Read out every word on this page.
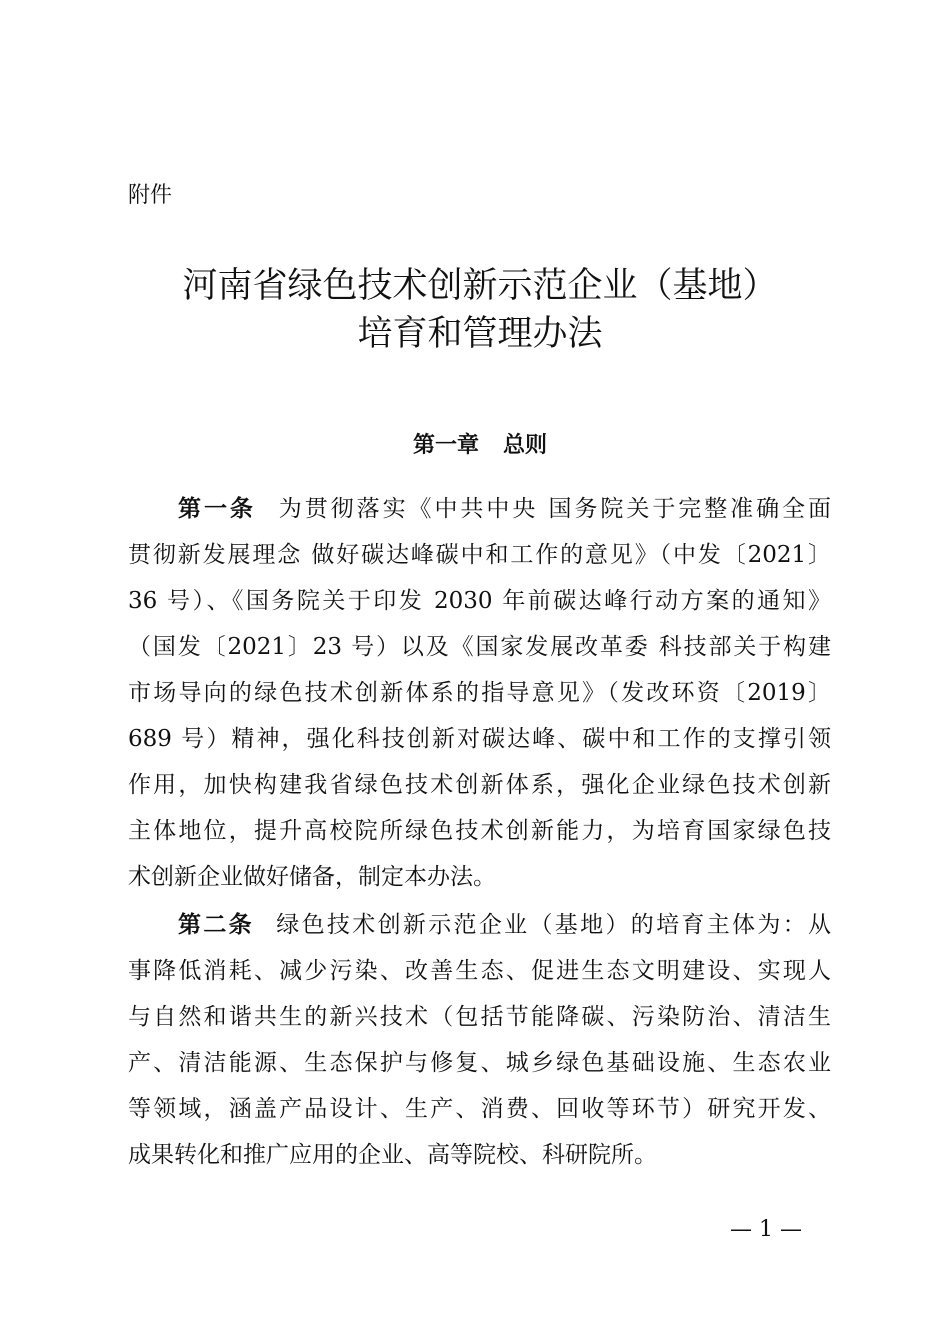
附件

河南省绿色技术创新示范企业（基地）
培育和管理办法
第一章 总则

第一条 为贯彻落实《中共中央 国务院关于完整准确全面

贯彻新发展理念 做好碳达峰碳中和工作的意见》（中发〔2021〕

36 号）、《国务院关于印发 2030 年前碳达峰行动方案的通知》

（国发〔2021〕23 号）以及《国家发展改革委 科技部关于构建

市场导向的绿色技术创新体系的指导意见》（发改环资〔2019〕

689 号）精神，强化科技创新对碳达峰、碳中和工作的支撑引领

作用，加快构建我省绿色技术创新体系，强化企业绿色技术创新

主体地位，提升高校院所绿色技术创新能力，为培育国家绿色技

术创新企业做好储备，制定本办法。

第二条 绿色技术创新示范企业（基地）的培育主体为：从

事降低消耗、减少污染、改善生态、促进生态文明建设、实现人

与自然和谐共生的新兴技术（包括节能降碳、污染防治、清洁生

产、清洁能源、生态保护与修复、城乡绿色基础设施、生态农业

等领域，涵盖产品设计、生产、消费、回收等环节）研究开发、

成果转化和推广应用的企业、高等院校、科研院所。

— 1 —
